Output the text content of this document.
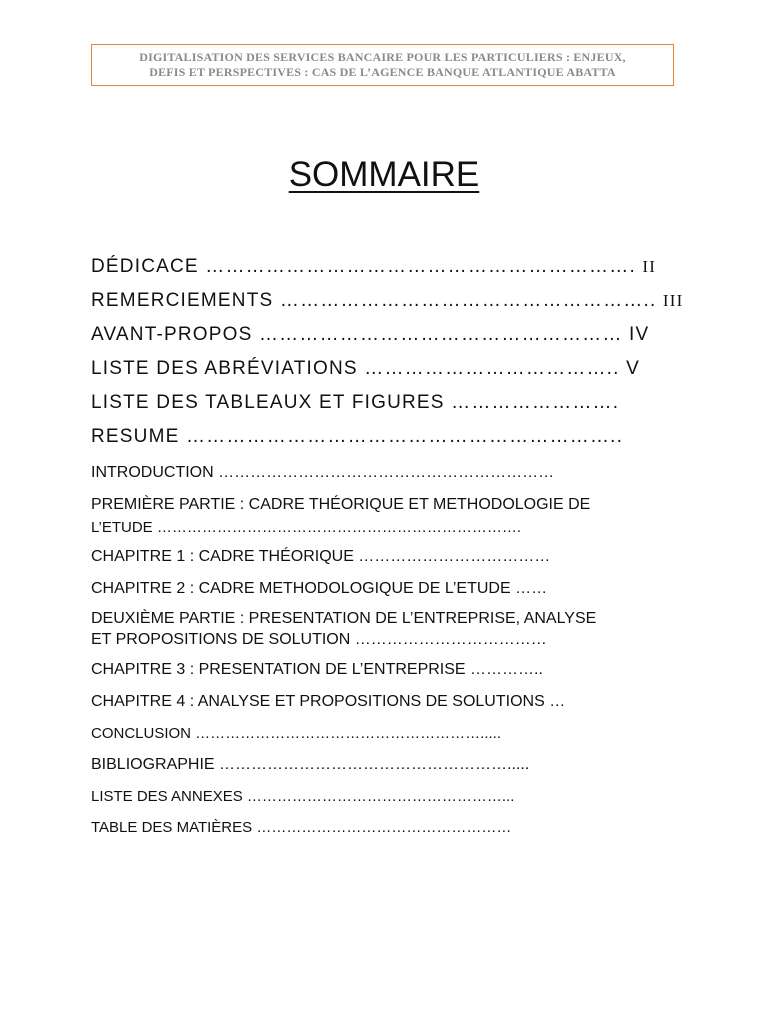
DIGITALISATION DES SERVICES BANCAIRE POUR LES PARTICULIERS : ENJEUX,
DEFIS ET PERSPECTIVES : CAS DE L’AGENCE BANQUE ATLANTIQUE ABATTA
SOMMAIRE
DÉDICACE ………………………………………………………. II
REMERCIEMENTS ……………………………………………….. III
AVANT-PROPOS ……………………………………………… IV
LISTE DES ABRÉVIATIONS ……………………………….. V
LISTE DES TABLEAUX ET FIGURES …………………….
RESUME ………………………………………………………..
INTRODUCTION ………………………………………………………
PREMIÈRE PARTIE : CADRE THÉORIQUE ET METHODOLOGIE DE
L’ETUDE ……………………………………………………………….
CHAPITRE 1 : CADRE THÉORIQUE ………………………………
CHAPITRE 2 : CADRE METHODOLOGIQUE DE L’ETUDE ……
DEUXIÈME PARTIE : PRESENTATION DE L’ENTREPRISE, ANALYSE
ET PROPOSITIONS DE SOLUTION ………………………………
CHAPITRE 3 : PRESENTATION DE L’ENTREPRISE …………..
CHAPITRE 4 : ANALYSE ET PROPOSITIONS DE SOLUTIONS …
CONCLUSION ………………………………………………….....
BIBLIOGRAPHIE ……………………………………………….....
LISTE DES ANNEXES ……………………………………………...
TABLE DES MATIÈRES ……………………………………………
